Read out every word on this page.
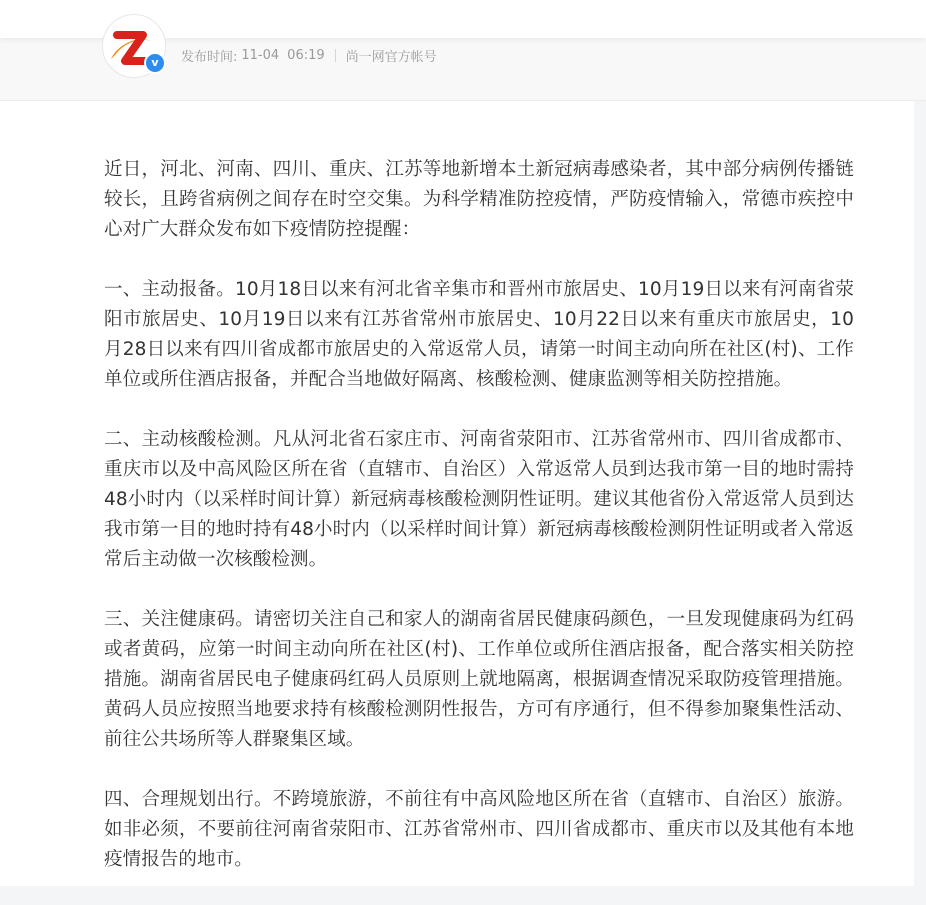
v	发布时间: 11-04 06:19 尚一网官方帐号

近日，河北、河南、四川、重庆、江苏等地新增本土新冠病毒感染者，其中部分病例传播链较长，且跨省病例之间存在时空交集。为科学精准防控疫情，严防疫情输入，常德市疾控中心对广大群众发布如下疫情防控提醒：

一、主动报备。10月18日以来有河北省辛集市和晋州市旅居史、10月19日以来有河南省荥阳市旅居史、10月19日以来有江苏省常州市旅居史、10月22日以来有重庆市旅居史，10月28日以来有四川省成都市旅居史的入常返常人员，请第一时间主动向所在社区(村)、工作单位或所住酒店报备，并配合当地做好隔离、核酸检测、健康监测等相关防控措施。

二、主动核酸检测。凡从河北省石家庄市、河南省荥阳市、江苏省常州市、四川省成都市、重庆市以及中高风险区所在省（直辖市、自治区）入常返常人员到达我市第一目的地时需持48小时内（以采样时间计算）新冠病毒核酸检测阴性证明。建议其他省份入常返常人员到达我市第一目的地时持有48小时内（以采样时间计算）新冠病毒核酸检测阴性证明或者入常返常后主动做一次核酸检测。

三、关注健康码。请密切关注自己和家人的湖南省居民健康码颜色，一旦发现健康码为红码或者黄码，应第一时间主动向所在社区(村)、工作单位或所住酒店报备，配合落实相关防控措施。湖南省居民电子健康码红码人员原则上就地隔离，根据调查情况采取防疫管理措施。黄码人员应按照当地要求持有核酸检测阴性报告，方可有序通行，但不得参加聚集性活动、前往公共场所等人群聚集区域。

四、合理规划出行。不跨境旅游，不前往有中高风险地区所在省（直辖市、自治区）旅游。如非必须，不要前往河南省荥阳市、江苏省常州市、四川省成都市、重庆市以及其他有本地疫情报告的地市。
